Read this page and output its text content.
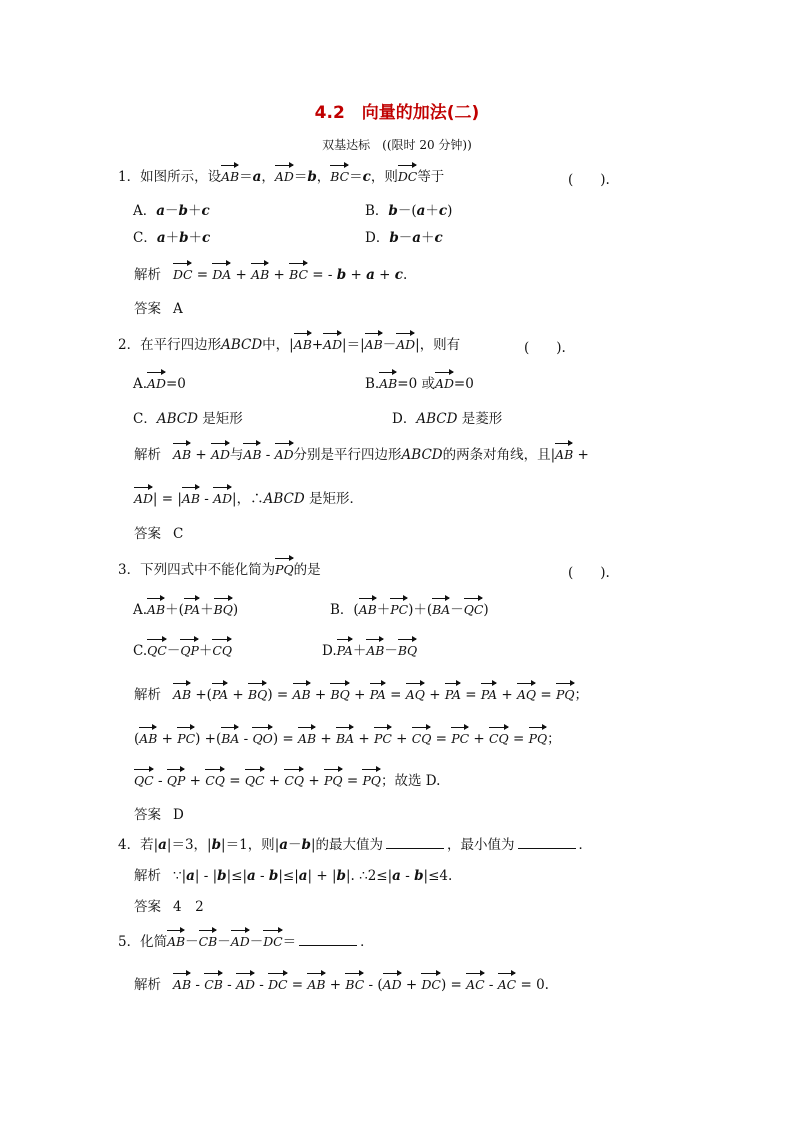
4.2　向量的加法(二)
双基达标　((限时 20 分钟))
1．如图所示，设AB＝a，AD＝b，BC＝c，则DC等于	(　　).
A．a－b＋c	B．b－(a＋c)
C．a＋b＋c	D．b－a＋c
解析 DC = DA + AB + BC = - b + a + c.
答案 A
2．在平行四边形ABCD中，|AB+AD|＝|AB－AD|，则有	(　　).
A.AD=0	B.AB=0 或AD=0
C．ABCD 是矩形	D．ABCD 是菱形
解析 AB + AD与AB - AD分别是平行四边形ABCD的两条对角线，且|AB +
AD| = |AB - AD|，∴ABCD 是矩形．
答案 C
3．下列四式中不能化简为PQ的是	(　　).
A.AB＋(PA＋BQ)	B．(AB＋PC)＋(BA－QC)
C.QC－QP＋CQ	D.PA＋AB－BQ
解析 AB +(PA + BQ) = AB + BQ + PA = AQ + PA = PA + AQ = PQ；
(AB + PC) +(BA - QO) = AB + BA + PC + CQ = PC + CQ = PQ；
QC - QP + CQ = QC + CQ + PQ = PQ；故选 D.
答案 D
4．若|a|＝3，|b|＝1，则|a－b|的最大值为	，最小值为	．
解析 ∵|a| - |b|≤|a - b|≤|a| + |b|. ∴2≤|a - b|≤4.
答案 4　2
5．化简AB－CB－AD－DC＝	．
解析 AB - CB - AD - DC = AB + BC - (AD + DC) = AC - AC = 0.
